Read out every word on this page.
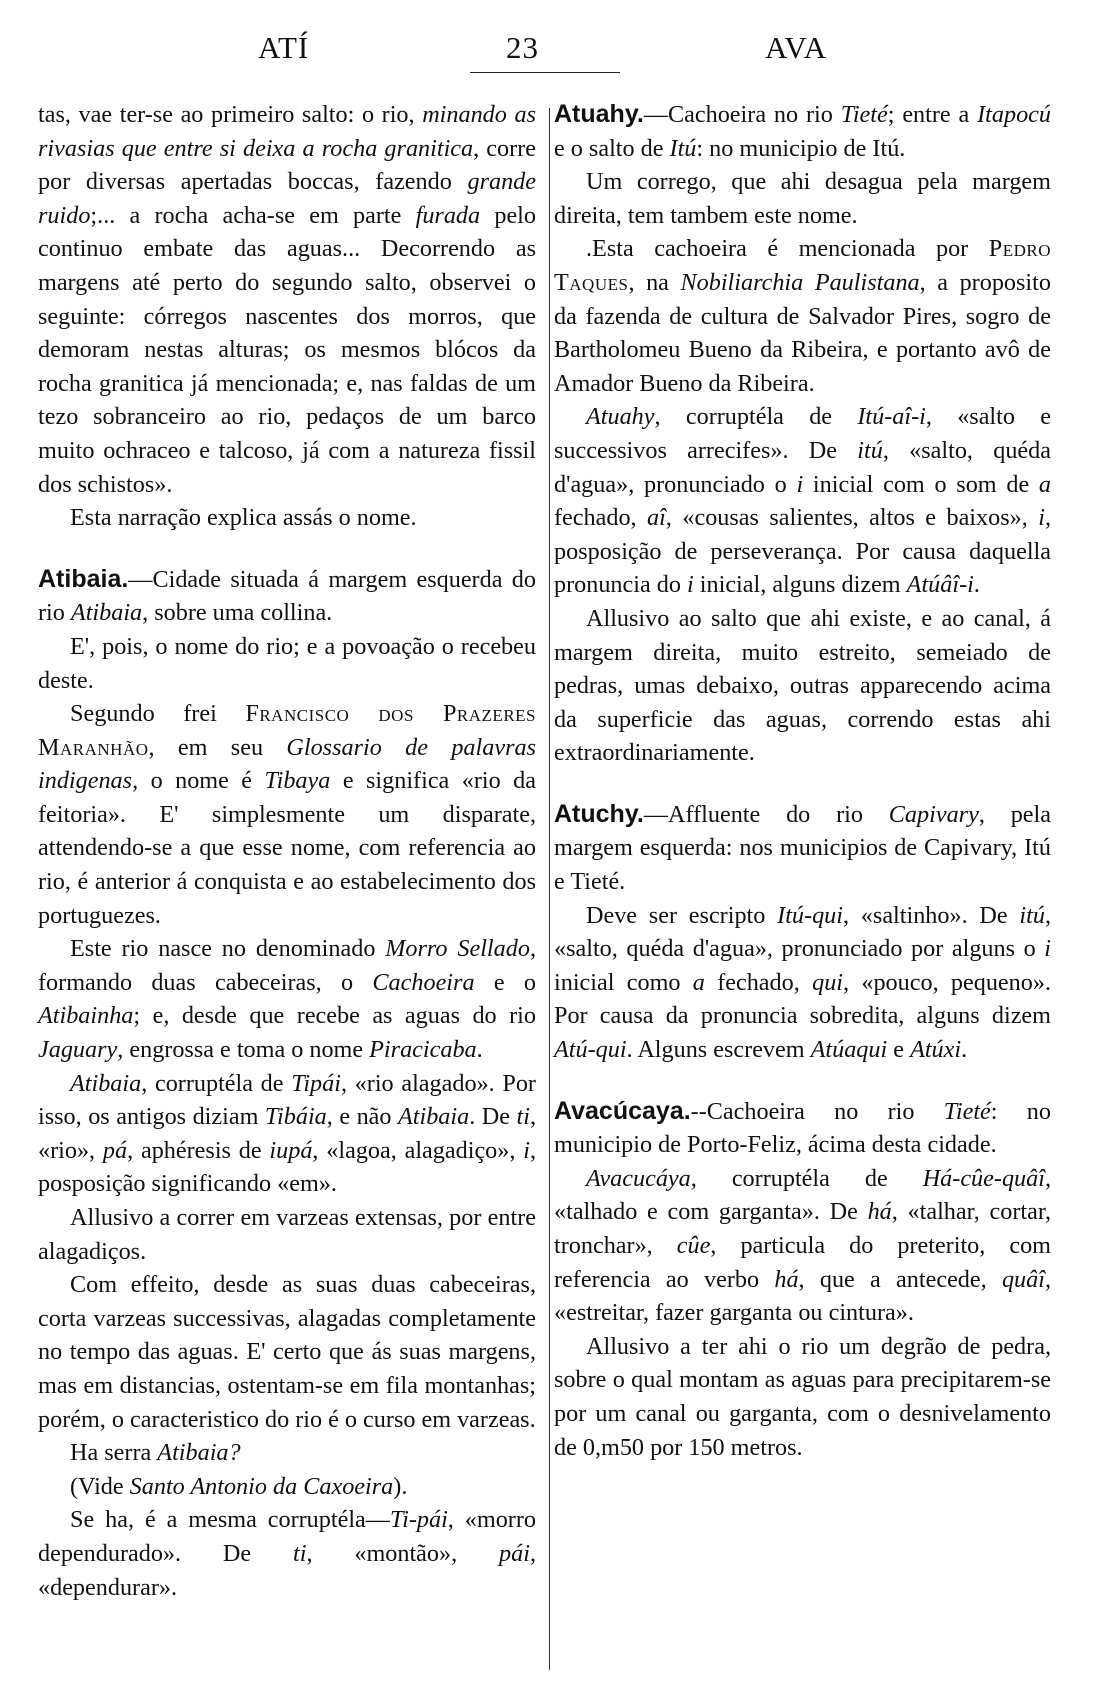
ATÍ	23	AVA

tas, vae ter-se ao primeiro salto: o rio, minando as rivasias que entre si deixa a rocha granitica, corre por diversas apertadas boccas, fazendo grande ruido;... a rocha acha-se em parte furada pelo continuo embate das aguas... Decorrendo as margens até perto do segundo salto, observei o seguinte: córregos nascentes dos morros, que demoram nestas alturas; os mesmos blócos da rocha granitica já mencionada; e, nas faldas de um tezo sobranceiro ao rio, pedaços de um barco muito ochraceo e talcoso, já com a natureza fissil dos schistos».

Esta narração explica assás o nome.

Atibaia.—Cidade situada á margem esquerda do rio Atibaia, sobre uma collina.

E', pois, o nome do rio; e a povoação o recebeu deste.

Segundo frei Francisco dos Prazeres Maranhão, em seu Glossario de palavras indigenas, o nome é Tibaya e significa «rio da feitoria». E' simplesmente um disparate, attendendo-se a que esse nome, com referencia ao rio, é anterior á conquista e ao estabelecimento dos portuguezes.

Este rio nasce no denominado Morro Sellado, formando duas cabeceiras, o Cachoeira e o Atibainha; e, desde que recebe as aguas do rio Jaguary, engrossa e toma o nome Piracicaba.

Atibaia, corruptéla de Tipái, «rio alagado». Por isso, os antigos diziam Tibáia, e não Atibaia. De ti, «rio», pá, aphéresis de iupá, «lagoa, alagadiço», i, posposição significando «em».

Allusivo a correr em varzeas extensas, por entre alagadiços.

Com effeito, desde as suas duas cabeceiras, corta varzeas successivas, alagadas completamente no tempo das aguas. E' certo que ás suas margens, mas em distancias, ostentam-se em fila montanhas; porém, o caracteristico do rio é o curso em varzeas.

Ha serra Atibaia?

(Vide Santo Antonio da Caxoeira).

Se ha, é a mesma corruptéla—Ti-pái, «morro dependurado». De ti, «montão», pái, «dependurar».

Atuahy.—Cachoeira no rio Tieté; entre a Itapocú e o salto de Itú: no municipio de Itú.

Um corrego, que ahi desagua pela margem direita, tem tambem este nome.

.Esta cachoeira é mencionada por Pedro Taques, na Nobiliarchia Paulistana, a proposito da fazenda de cultura de Salvador Pires, sogro de Bartholomeu Bueno da Ribeira, e portanto avô de Amador Bueno da Ribeira.

Atuahy, corruptéla de Itú-aî-i, «salto e successivos arrecifes». De itú, «salto, quéda d'agua», pronunciado o i inicial com o som de a fechado, aî, «cousas salientes, altos e baixos», i, posposição de perseverança. Por causa daquella pronuncia do i inicial, alguns dizem Atúâî-i.

Allusivo ao salto que ahi existe, e ao canal, á margem direita, muito estreito, semeiado de pedras, umas debaixo, outras apparecendo acima da superficie das aguas, correndo estas ahi extraordinariamente.

Atuchy.—Affluente do rio Capivary, pela margem esquerda: nos municipios de Capivary, Itú e Tieté.

Deve ser escripto Itú-qui, «saltinho». De itú, «salto, quéda d'agua», pronunciado por alguns o i inicial como a fechado, qui, «pouco, pequeno». Por causa da pronuncia sobredita, alguns dizem Atú-qui. Alguns escrevem Atúaqui e Atúxi.

Avacúcaya.--Cachoeira no rio Tieté: no municipio de Porto-Feliz, ácima desta cidade.

Avacucáya, corruptéla de Há-cûe-quâî, «talhado e com garganta». De há, «talhar, cortar, tronchar», cûe, particula do preterito, com referencia ao verbo há, que a antecede, quâî, «estreitar, fazer garganta ou cintura».

Allusivo a ter ahi o rio um degrão de pedra, sobre o qual montam as aguas para precipitarem-se por um canal ou garganta, com o desnivelamento de 0,m50 por 150 metros.
